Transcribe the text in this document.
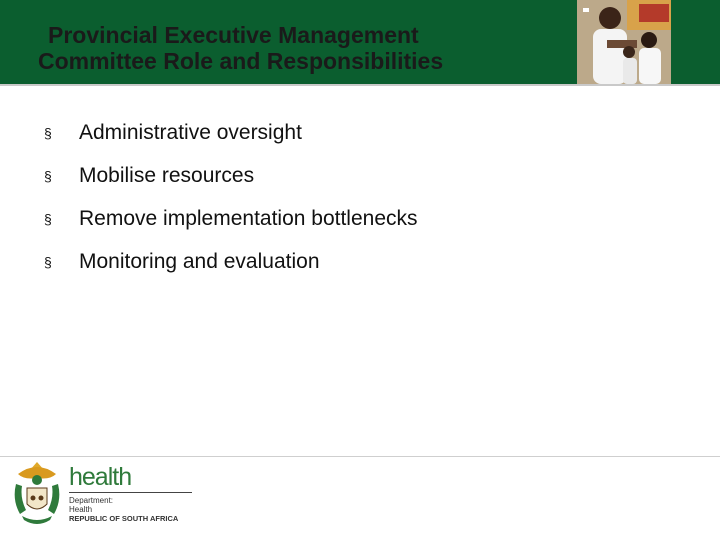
Provincial Executive Management
Committee Role and Responsibilities
§	Administrative oversight
§	Mobilise resources
§	Remove implementation bottlenecks
§	Monitoring and evaluation
health
Department:
Health
REPUBLIC OF SOUTH AFRICA
